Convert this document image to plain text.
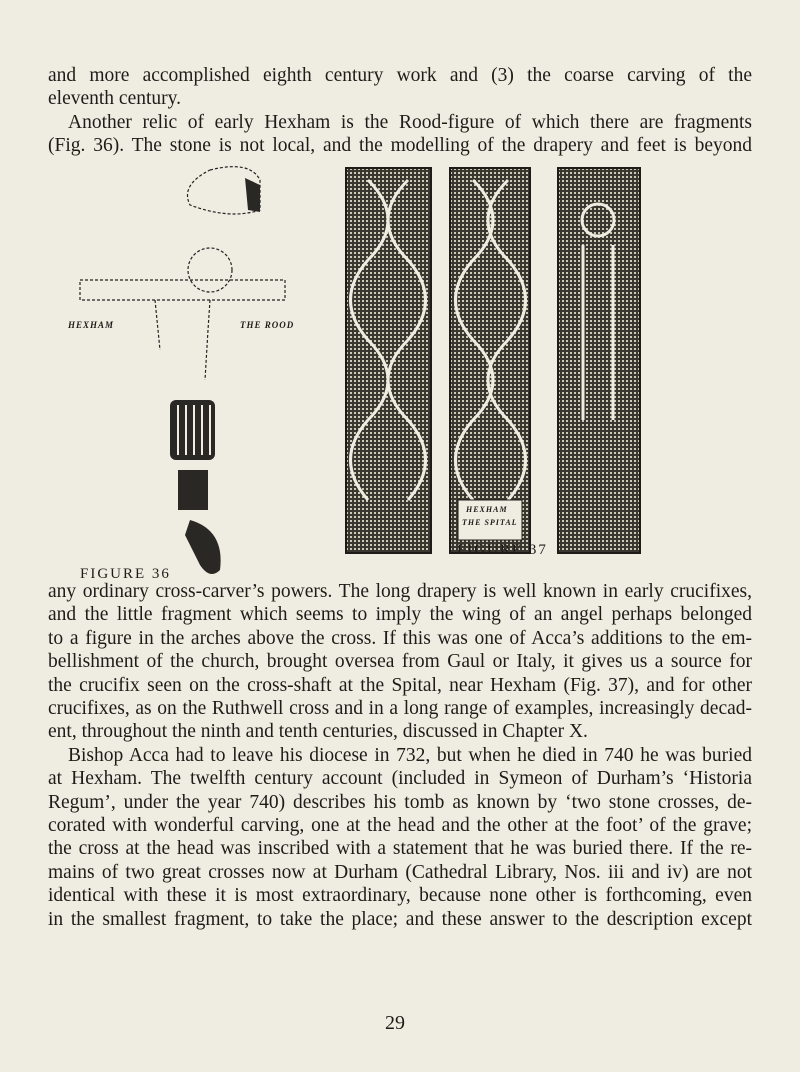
and more accomplished eighth century work and (3) the coarse carving of the
eleventh century.
Another relic of early Hexham is the Rood-figure of which there are fragments
(Fig. 36). The stone is not local, and the modelling of the drapery and feet is beyond
HEXHAM	THE ROOD
FIGURE 36
HEXHAM
THE SPITAL
FIGURE 37
any ordinary cross-carver’s powers. The long drapery is well known in early crucifixes,
and the little fragment which seems to imply the wing of an angel perhaps belonged
to a figure in the arches above the cross. If this was one of Acca’s additions to the em-
bellishment of the church, brought oversea from Gaul or Italy, it gives us a source for
the crucifix seen on the cross-shaft at the Spital, near Hexham (Fig. 37), and for other
crucifixes, as on the Ruthwell cross and in a long range of examples, increasingly decad-
ent, throughout the ninth and tenth centuries, discussed in Chapter X.
Bishop Acca had to leave his diocese in 732, but when he died in 740 he was buried
at Hexham. The twelfth century account (included in Symeon of Durham’s ‘Historia
Regum’, under the year 740) describes his tomb as known by ‘two stone crosses, de-
corated with wonderful carving, one at the head and the other at the foot’ of the grave;
the cross at the head was inscribed with a statement that he was buried there. If the re-
mains of two great crosses now at Durham (Cathedral Library, Nos. iii and iv) are not
identical with these it is most extraordinary, because none other is forthcoming, even
in the smallest fragment, to take the place; and these answer to the description except
29
